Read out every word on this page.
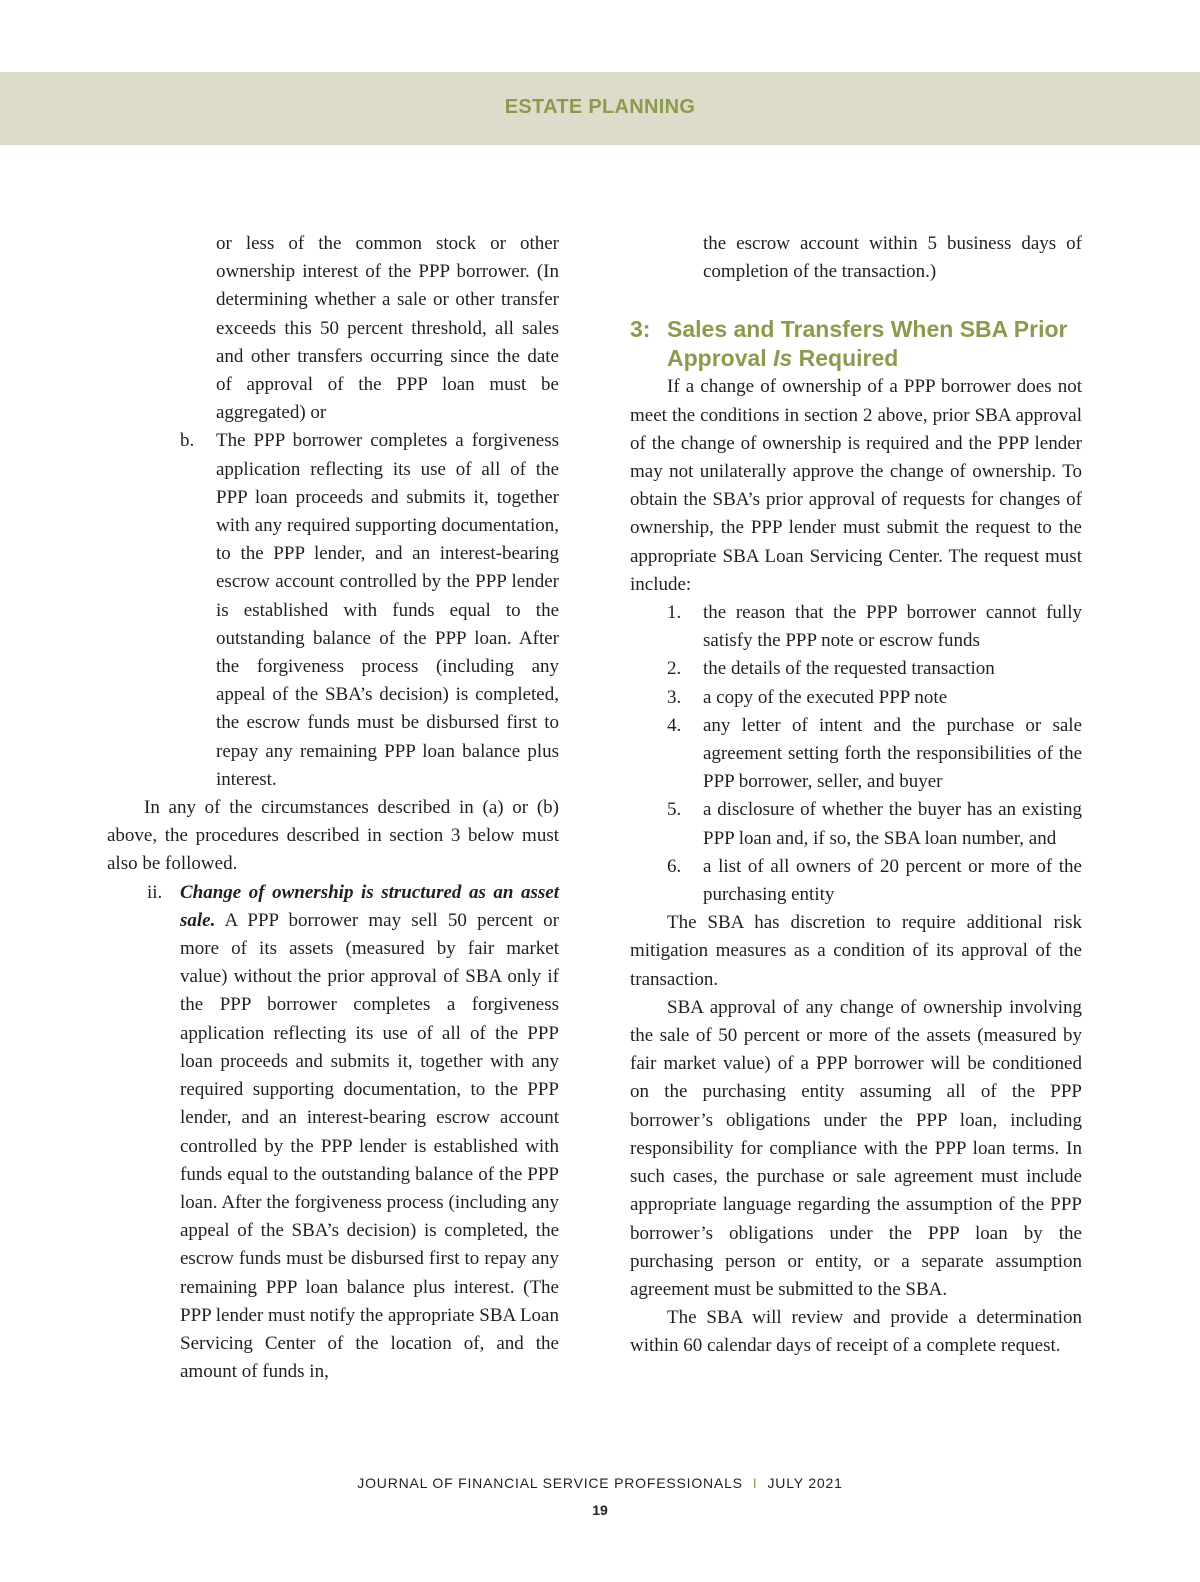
ESTATE PLANNING

or less of the common stock or other ownership interest of the PPP borrower. (In determining whether a sale or other transfer exceeds this 50 percent threshold, all sales and other transfers occurring since the date of approval of the PPP loan must be aggregated) or

b. The PPP borrower completes a forgiveness application reflecting its use of all of the PPP loan proceeds and submits it, together with any required supporting documentation, to the PPP lender, and an interest-bearing escrow account controlled by the PPP lender is established with funds equal to the outstanding balance of the PPP loan. After the forgiveness process (including any appeal of the SBA’s decision) is completed, the escrow funds must be disbursed first to repay any remaining PPP loan balance plus interest.

In any of the circumstances described in (a) or (b) above, the procedures described in section 3 below must also be followed.

ii. Change of ownership is structured as an asset sale. A PPP borrower may sell 50 percent or more of its assets (measured by fair market value) without the prior approval of SBA only if the PPP borrower completes a forgiveness application reflecting its use of all of the PPP loan proceeds and submits it, together with any required supporting documentation, to the PPP lender, and an interest-bearing escrow account controlled by the PPP lender is established with funds equal to the outstanding balance of the PPP loan. After the forgiveness process (including any appeal of the SBA’s decision) is completed, the escrow funds must be disbursed first to repay any remaining PPP loan balance plus interest. (The PPP lender must notify the appropriate SBA Loan Servicing Center of the location of, and the amount of funds in,

the escrow account within 5 business days of completion of the transaction.)

3: Sales and Transfers When SBA Prior Approval Is Required

If a change of ownership of a PPP borrower does not meet the conditions in section 2 above, prior SBA approval of the change of ownership is required and the PPP lender may not unilaterally approve the change of ownership. To obtain the SBA’s prior approval of requests for changes of ownership, the PPP lender must submit the request to the appropriate SBA Loan Servicing Center. The request must include:

1. the reason that the PPP borrower cannot fully satisfy the PPP note or escrow funds
2. the details of the requested transaction
3. a copy of the executed PPP note
4. any letter of intent and the purchase or sale agreement setting forth the responsibilities of the PPP borrower, seller, and buyer
5. a disclosure of whether the buyer has an existing PPP loan and, if so, the SBA loan number, and
6. a list of all owners of 20 percent or more of the purchasing entity

The SBA has discretion to require additional risk mitigation measures as a condition of its approval of the transaction.

SBA approval of any change of ownership involving the sale of 50 percent or more of the assets (measured by fair market value) of a PPP borrower will be conditioned on the purchasing entity assuming all of the PPP borrower’s obligations under the PPP loan, including responsibility for compliance with the PPP loan terms. In such cases, the purchase or sale agreement must include appropriate language regarding the assumption of the PPP borrower’s obligations under the PPP loan by the purchasing person or entity, or a separate assumption agreement must be submitted to the SBA.

The SBA will review and provide a determination within 60 calendar days of receipt of a complete request.

JOURNAL OF FINANCIAL SERVICE PROFESSIONALS I JULY 2021
19
